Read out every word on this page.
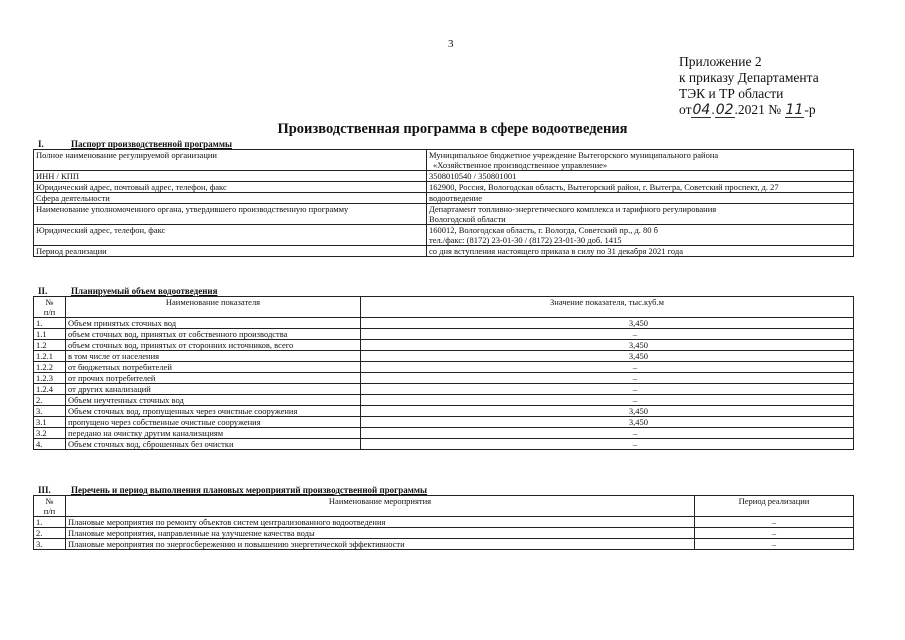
3
Приложение 2
к приказу Департамента
ТЭК и ТР области
от04.02.2021 № 11-р
Производственная программа в сфере водоотведения
I.	Паспорт производственной программы
Полное наименование регулируемой организации	Муниципальное бюджетное учреждение Вытегорского муниципального района
«Хозяйственное производственное управление»

ИНН / КПП	3508010540 / 350801001

Юридический адрес, почтовый адрес, телефон, факс	162900, Россия, Вологодская область, Вытегорский район, г. Вытегра, Советский проспект, д. 27

Сфера деятельности	водоотведение

Наименование уполномоченного органа, утвердившего производственную программу	Департамент топливно-энергетического комплекса и тарифного регулирования
Вологодской области

Юридический адрес, телефон, факс	160012, Вологодская область, г. Вологда, Советский пр., д. 80 б
тел./факс: (8172) 23-01-30 / (8172) 23-01-30 доб. 1415

Период реализации	со дня вступления настоящего приказа в силу по 31 декабря 2021 года
II.	Планируемый объем водоотведения
№
п/п	Наименование показателя	Значение показателя, тыс.куб.м
1.	Объем принятых сточных вод	3,450
1.1	объем сточных вод, принятых от собственного производства	–
1.2	объем сточных вод, принятых от сторонних источников, всего	3,450
1.2.1	в том числе от населения	3,450
1.2.2	от бюджетных потребителей	–
1.2.3	от прочих потребителей	–
1.2.4	от других канализаций	–
2.	Объем неучтенных сточных вод	–
3.	Объем сточных вод, пропущенных через очистные сооружения	3,450
3.1	пропущено через собственные очистные сооружения	3,450
3.2	передано на очистку другим канализациям	–
4.	Объем сточных вод, сброшенных без очистки	–
III. Перечень и период выполнения плановых мероприятий производственной программы
№
п/п	Наименование мероприятия	Период реализации
1.	Плановые мероприятия по ремонту объектов систем централизованного водоотведения	–
2.	Плановые мероприятия, направленные на улучшение качества воды	–
3.	Плановые мероприятия по энергосбережению и повышению энергетической эффективности	–
